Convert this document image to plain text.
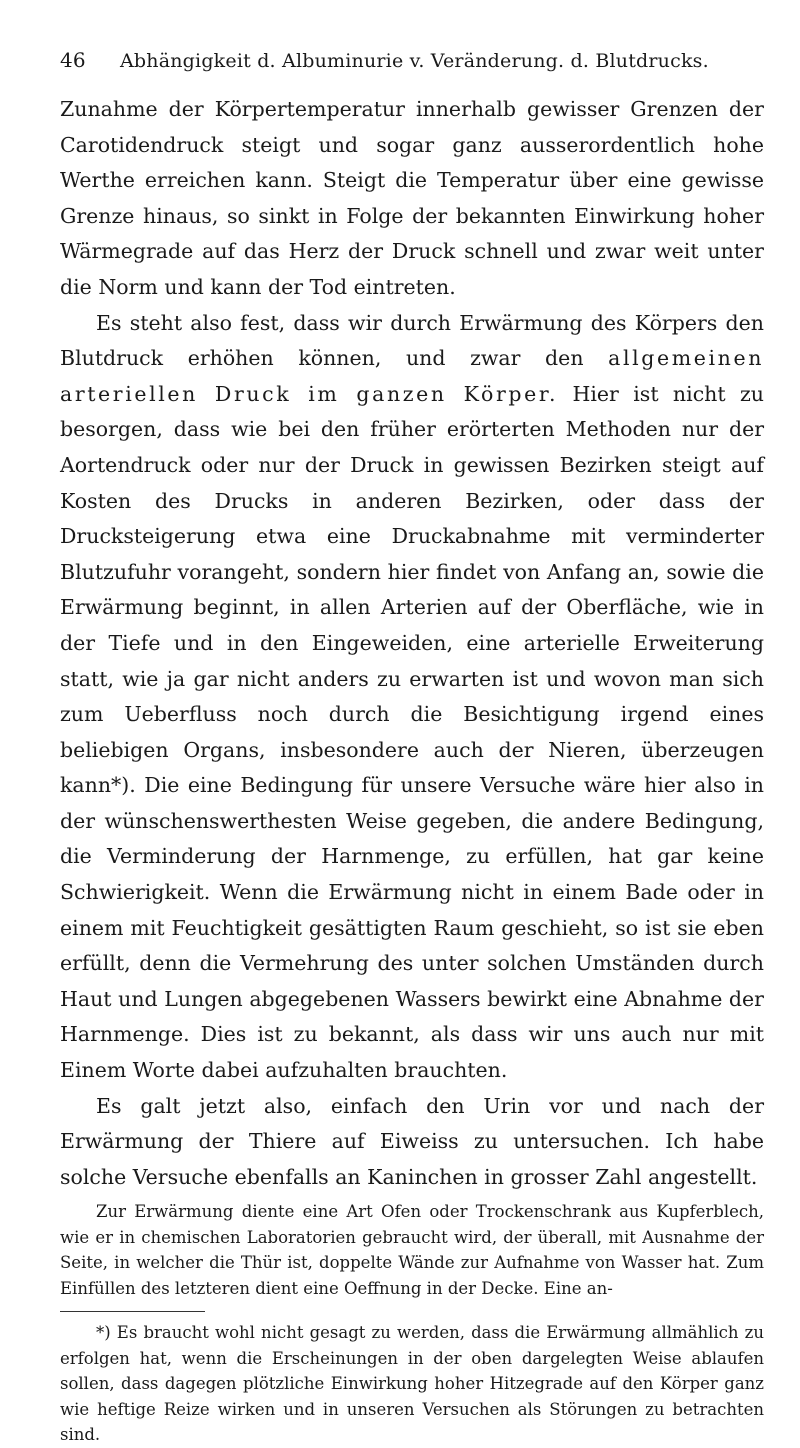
46	Abhängigkeit d. Albuminurie v. Veränderung. d. Blutdrucks.

Zunahme der Körpertemperatur innerhalb gewisser Grenzen der Carotidendruck steigt und sogar ganz ausserordentlich hohe Werthe erreichen kann. Steigt die Temperatur über eine gewisse Grenze hinaus, so sinkt in Folge der bekannten Einwirkung hoher Wärmegrade auf das Herz der Druck schnell und zwar weit unter die Norm und kann der Tod eintreten.

Es steht also fest, dass wir durch Erwärmung des Körpers den Blutdruck erhöhen können, und zwar den allgemeinen arteriellen Druck im ganzen Körper. Hier ist nicht zu besorgen, dass wie bei den früher erörterten Methoden nur der Aortendruck oder nur der Druck in gewissen Bezirken steigt auf Kosten des Drucks in anderen Bezirken, oder dass der Drucksteigerung etwa eine Druckabnahme mit verminderter Blutzufuhr vorangeht, sondern hier findet von Anfang an, sowie die Erwärmung beginnt, in allen Arterien auf der Oberfläche, wie in der Tiefe und in den Eingeweiden, eine arterielle Erweiterung statt, wie ja gar nicht anders zu erwarten ist und wovon man sich zum Ueberfluss noch durch die Besichtigung irgend eines beliebigen Organs, insbesondere auch der Nieren, überzeugen kann*). Die eine Bedingung für unsere Versuche wäre hier also in der wünschenswerthesten Weise gegeben, die andere Bedingung, die Verminderung der Harnmenge, zu erfüllen, hat gar keine Schwierigkeit. Wenn die Erwärmung nicht in einem Bade oder in einem mit Feuchtigkeit gesättigten Raum geschieht, so ist sie eben erfüllt, denn die Vermehrung des unter solchen Umständen durch Haut und Lungen abgegebenen Wassers bewirkt eine Abnahme der Harnmenge. Dies ist zu bekannt, als dass wir uns auch nur mit Einem Worte dabei aufzuhalten brauchten.

Es galt jetzt also, einfach den Urin vor und nach der Erwärmung der Thiere auf Eiweiss zu untersuchen. Ich habe solche Versuche ebenfalls an Kaninchen in grosser Zahl angestellt.

Zur Erwärmung diente eine Art Ofen oder Trockenschrank aus Kupferblech, wie er in chemischen Laboratorien gebraucht wird, der überall, mit Ausnahme der Seite, in welcher die Thür ist, doppelte Wände zur Aufnahme von Wasser hat. Zum Einfüllen des letzteren dient eine Oeffnung in der Decke. Eine an-

*) Es braucht wohl nicht gesagt zu werden, dass die Erwärmung allmählich zu erfolgen hat, wenn die Erscheinungen in der oben dargelegten Weise ablaufen sollen, dass dagegen plötzliche Einwirkung hoher Hitzegrade auf den Körper ganz wie heftige Reize wirken und in unseren Versuchen als Störungen zu betrachten sind.
